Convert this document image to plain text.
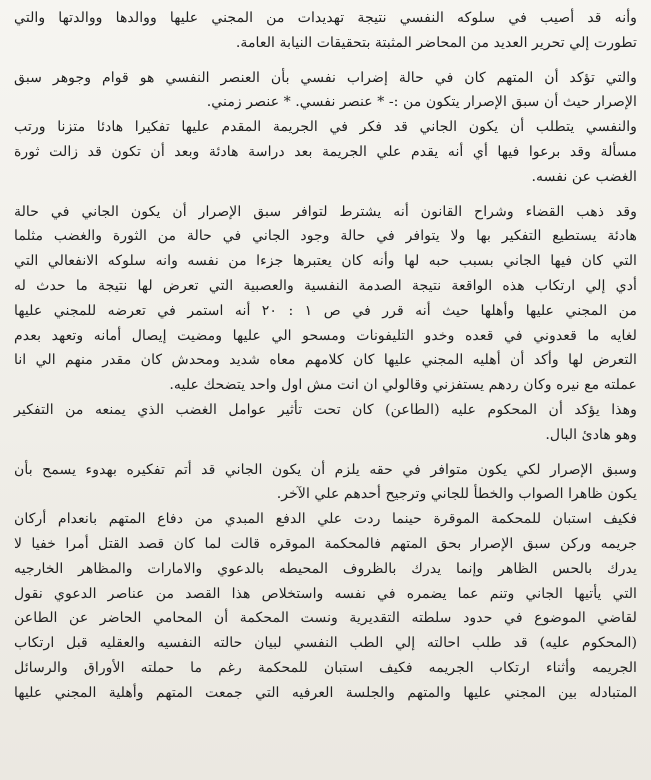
وأنه قد أصيب في سلوكه النفسي نتيجة تهديدات من المجني عليها ووالدها ووالدتها والتي
تطورت إلي تحرير العديد من المحاضر المثبتة بتحقيقات النيابة العامة.
والتي تؤكد أن المتهم كان في حالة إضراب نفسي بأن العنصر النفسي هو قوام وجوهر سبق
الإصرار حيث أن سبق الإصرار يتكون من :- * عنصر نفسي. * عنصر زمني.
والنفسي يتطلب أن يكون الجاني قد فكر في الجريمة المقدم عليها تفكيرا هادئا متزنا ورتب
مسألة وقد برعوا فيها أي أنه يقدم علي الجريمة بعد دراسة هادئة وبعد أن تكون قد زالت ثورة
الغضب عن نفسه.
وقد ذهب القضاء وشراح القانون أنه يشترط لتوافر سبق الإصرار أن يكون الجاني في حالة
هادئة يستطيع التفكير بها ولا يتوافر في حالة وجود الجاني في حالة من الثورة والغضب مثلما
التي كان فيها الجاني بسبب حبه لها وأنه كان يعتبرها جزءا من نفسه وانه سلوكه الانفعالي التي
أدي إلي ارتكاب هذه الواقعة نتيجة الصدمة النفسية والعصبية التي تعرض لها نتيجة ما حدث له
من المجني عليها وأهلها حيث أنه قرر في ص ١ : ٢٠ أنه استمر في تعرضه للمجني عليها
لغايه ما قعدوني في قعده وخدو التليفونات ومسحو الي عليها ومضيت إيصال أمانه وتعهد بعدم
التعرض لها وأكد أن أهليه المجني عليها كان كلامهم معاه شديد ومحدش كان مقدر منهم الي انا
عملته مع نيره وكان ردهم يستفزني وقالولي ان انت مش اول واحد يتضحك عليه.
وهذا يؤكد أن المحكوم عليه (الطاعن) كان تحت تأثير عوامل الغضب الذي يمنعه من التفكير
وهو هادئ البال.
وسبق الإصرار لكي يكون متوافر في حقه يلزم أن يكون الجاني قد أتم تفكيره بهدوء يسمح بأن
يكون ظاهرا الصواب والخطأ للجاني وترجيح أحدهم علي الآخر.
فكيف استبان للمحكمة الموقرة حينما ردت علي الدفع المبدي من دفاع المتهم بانعدام أركان
جريمه وركن سبق الإصرار بحق المتهم فالمحكمة الموقره قالت لما كان قصد القتل أمرا خفيا لا
يدرك بالحس الظاهر وإنما يدرك بالظروف المحيطه بالدعوي والامارات والمظاهر الخارجيه
التي يأتيها الجاني وتنم عما يضمره في نفسه واستخلاص هذا القصد من عناصر الدعوي نقول
لقاضي الموضوع في حدود سلطته التقديرية ونست المحكمة أن المحامي الحاضر عن الطاعن
(المحكوم عليه) قد طلب احالته إلي الطب النفسي لبيان حالته النفسيه والعقليه قبل ارتكاب
الجريمه وأثناء ارتكاب الجريمه فكيف استبان للمحكمة رغم ما حملته الأوراق والرسائل
المتبادله بين المجني عليها والمتهم والجلسة العرفيه التي جمعت المتهم وأهلية المجني عليها
